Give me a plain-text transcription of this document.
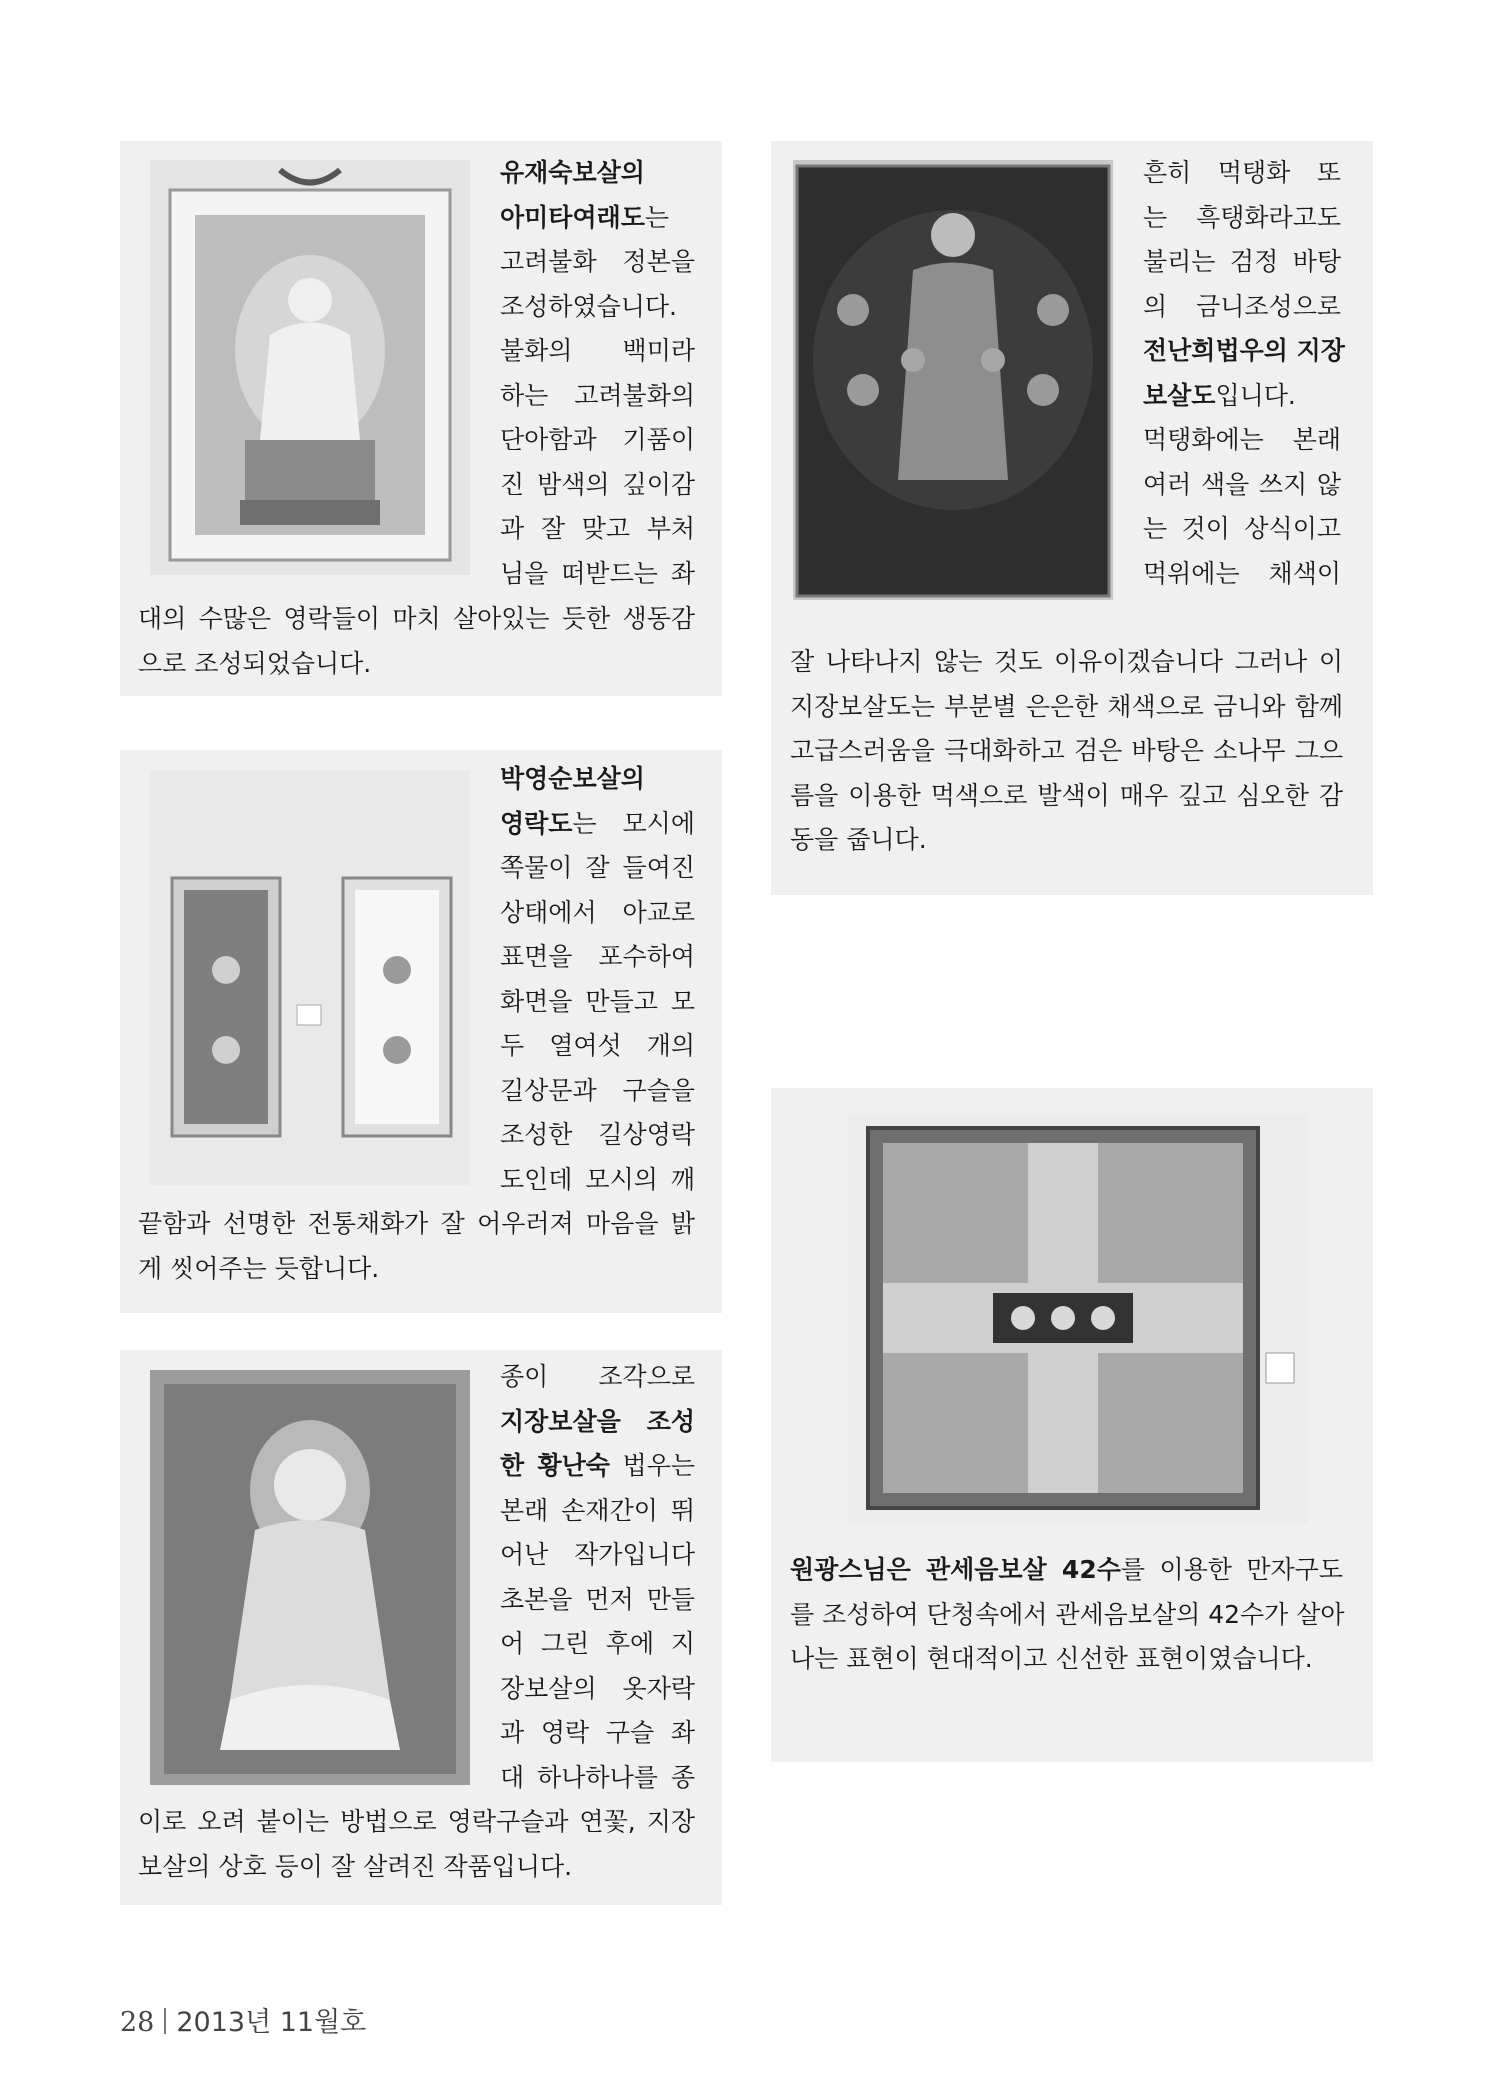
유재숙보살의
아미타여래도는
고려불화 정본을
조성하였습니다.
불화의 백미라
하는 고려불화의
단아함과 기품이
진 밤색의 깊이감
과 잘 맞고 부처
님을 떠받드는 좌
대의 수많은 영락들이 마치 살아있는 듯한 생동감
으로 조성되었습니다.
박영순보살의
영락도는 모시에
쪽물이 잘 들여진
상태에서 아교로
표면을 포수하여
화면을 만들고 모
두 열여섯 개의
길상문과 구슬을
조성한 길상영락
도인데 모시의 깨
끝함과 선명한 전통채화가 잘 어우러져 마음을 밝
게 씻어주는 듯합니다.
종이 조각으로
지장보살을 조성
한 황난숙 법우는
본래 손재간이 뛰
어난 작가입니다
초본을 먼저 만들
어 그린 후에 지
장보살의 옷자락
과 영락 구슬 좌
대 하나하나를 종
이로 오려 붙이는 방법으로 영락구슬과 연꽃, 지장
보살의 상호 등이 잘 살려진 작품입니다.
흔히 먹탱화 또
는 흑탱화라고도
불리는 검정 바탕
의 금니조성으로
전난희법우의 지장
보살도입니다.
먹탱화에는 본래
여러 색을 쓰지 않
는 것이 상식이고
먹위에는 채색이
잘 나타나지 않는 것도 이유이겠습니다 그러나 이
지장보살도는 부분별 은은한 채색으로 금니와 함께
고급스러움을 극대화하고 검은 바탕은 소나무 그으
름을 이용한 먹색으로 발색이 매우 깊고 심오한 감
동을 줍니다.
원광스님은 관세음보살 42수를 이용한 만자구도
를 조성하여 단청속에서 관세음보살의 42수가 살아
나는 표현이 현대적이고 신선한 표현이였습니다.
28 2013년 11월호
